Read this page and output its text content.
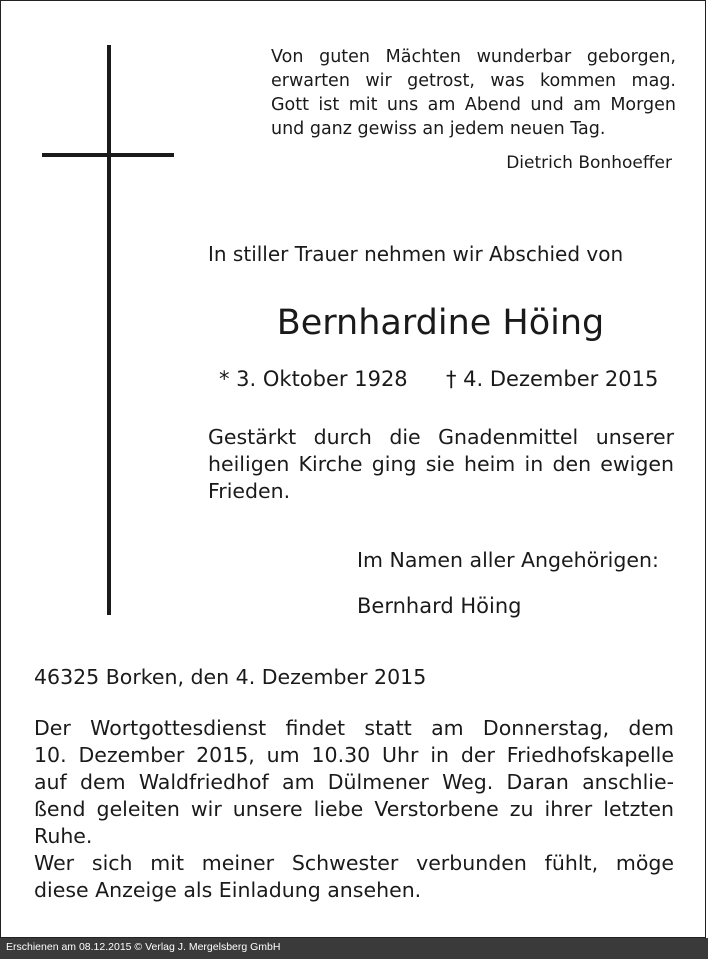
Von guten Mächten wunderbar geborgen,
erwarten wir getrost, was kommen mag.
Gott ist mit uns am Abend und am Morgen
und ganz gewiss an jedem neuen Tag.
Dietrich Bonhoeffer
In stiller Trauer nehmen wir Abschied von
Bernhardine Höing
* 3. Oktober 1928 † 4. Dezember 2015
Gestärkt durch die Gnadenmittel unserer
heiligen Kirche ging sie heim in den ewigen
Frieden.
Im Namen aller Angehörigen:
Bernhard Höing
46325 Borken, den 4. Dezember 2015
Der Wortgottesdienst findet statt am Donnerstag, dem
10. Dezember 2015, um 10.30 Uhr in der Friedhofskapelle
auf dem Waldfriedhof am Dülmener Weg. Daran anschlie-
ßend geleiten wir unsere liebe Verstorbene zu ihrer letzten
Ruhe.
Wer sich mit meiner Schwester verbunden fühlt, möge
diese Anzeige als Einladung ansehen.
Erschienen am 08.12.2015 © Verlag J. Mergelsberg GmbH
